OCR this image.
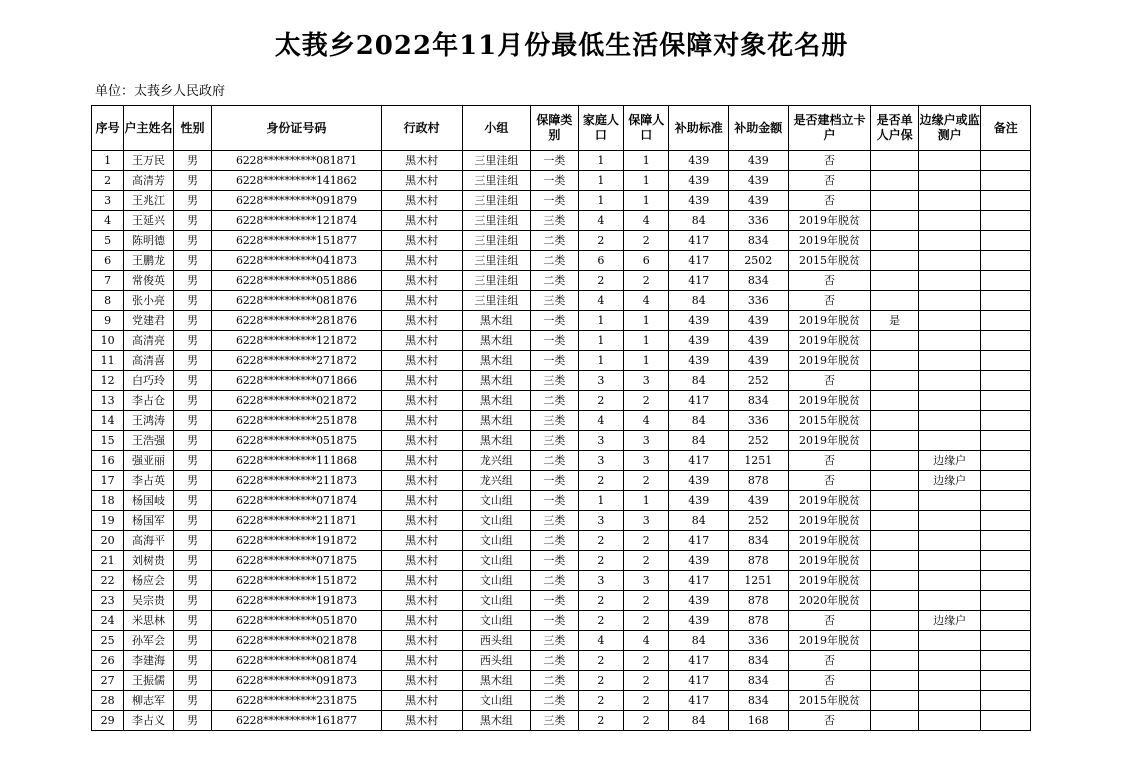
太莪乡2022年11月份最低生活保障对象花名册
单位：太莪乡人民政府
序号	户主姓名	性别	身份证号码	行政村	小组	保障类别	家庭人口	保障人口	补助标准	补助金额	是否建档立卡户	是否单人户保	边缘户或监测户	备注
1	王万民	男	6228**********081871	黑木村	三里洼组	一类	1	1	439	439	否			
2	高清芳	男	6228**********141862	黑木村	三里洼组	一类	1	1	439	439	否			
3	王兆江	男	6228**********091879	黑木村	三里洼组	一类	1	1	439	439	否			
4	王延兴	男	6228**********121874	黑木村	三里洼组	三类	4	4	84	336	2019年脱贫			
5	陈明德	男	6228**********151877	黑木村	三里洼组	二类	2	2	417	834	2019年脱贫			
6	王鹏龙	男	6228**********041873	黑木村	三里洼组	二类	6	6	417	2502	2015年脱贫			
7	常俊英	男	6228**********051886	黑木村	三里洼组	二类	2	2	417	834	否			
8	张小亮	男	6228**********081876	黑木村	三里洼组	三类	4	4	84	336	否			
9	党建君	男	6228**********281876	黑木村	黑木组	一类	1	1	439	439	2019年脱贫	是		
10	高清亮	男	6228**********121872	黑木村	黑木组	一类	1	1	439	439	2019年脱贫			
11	高清喜	男	6228**********271872	黑木村	黑木组	一类	1	1	439	439	2019年脱贫			
12	白巧玲	男	6228**********071866	黑木村	黑木组	三类	3	3	84	252	否			
13	李占仓	男	6228**********021872	黑木村	黑木组	二类	2	2	417	834	2019年脱贫			
14	王鸿涛	男	6228**********251878	黑木村	黑木组	三类	4	4	84	336	2015年脱贫			
15	王浩强	男	6228**********051875	黑木村	黑木组	三类	3	3	84	252	2019年脱贫			
16	强亚丽	男	6228**********111868	黑木村	龙兴组	二类	3	3	417	1251	否		边缘户	
17	李占英	男	6228**********211873	黑木村	龙兴组	一类	2	2	439	878	否		边缘户	
18	杨国岐	男	6228**********071874	黑木村	文山组	一类	1	1	439	439	2019年脱贫			
19	杨国军	男	6228**********211871	黑木村	文山组	三类	3	3	84	252	2019年脱贫			
20	高海平	男	6228**********191872	黑木村	文山组	二类	2	2	417	834	2019年脱贫			
21	刘树贵	男	6228**********071875	黑木村	文山组	一类	2	2	439	878	2019年脱贫			
22	杨应会	男	6228**********151872	黑木村	文山组	二类	3	3	417	1251	2019年脱贫			
23	吴宗贵	男	6228**********191873	黑木村	文山组	一类	2	2	439	878	2020年脱贫			
24	米思林	男	6228**********051870	黑木村	文山组	一类	2	2	439	878	否		边缘户	
25	孙军会	男	6228**********021878	黑木村	西头组	三类	4	4	84	336	2019年脱贫			
26	李建海	男	6228**********081874	黑木村	西头组	二类	2	2	417	834	否			
27	王振儒	男	6228**********091873	黑木村	黑木组	二类	2	2	417	834	否			
28	柳志军	男	6228**********231875	黑木村	文山组	二类	2	2	417	834	2015年脱贫			
29	李占义	男	6228**********161877	黑木村	黑木组	三类	2	2	84	168	否			
